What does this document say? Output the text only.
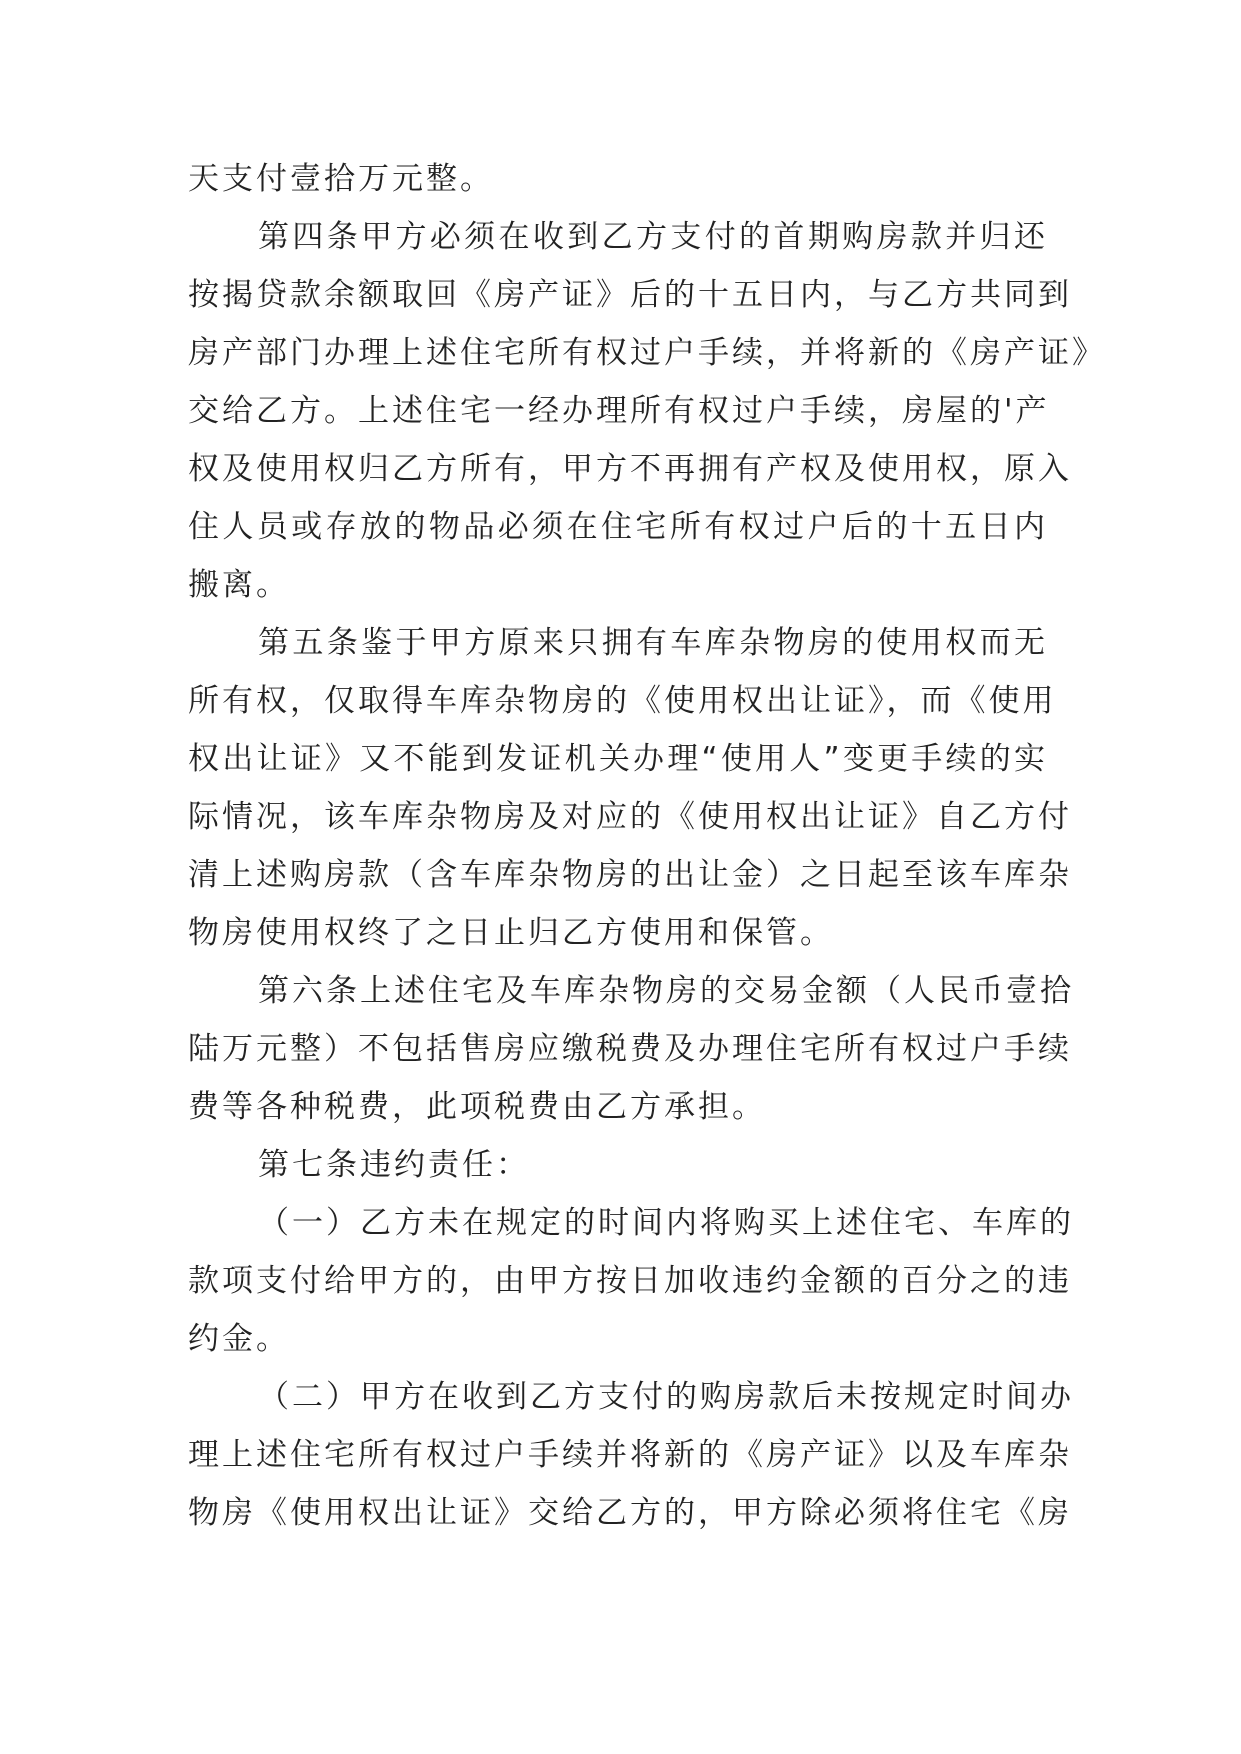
天支付壹拾万元整。
第四条甲方必须在收到乙方支付的首期购房款并归还
按揭贷款余额取回《房产证》后的十五日内，与乙方共同到
房产部门办理上述住宅所有权过户手续，并将新的《房产证》
交给乙方。上述住宅一经办理所有权过户手续，房屋的'产
权及使用权归乙方所有，甲方不再拥有产权及使用权，原入
住人员或存放的物品必须在住宅所有权过户后的十五日内
搬离。
第五条鉴于甲方原来只拥有车库杂物房的使用权而无
所有权，仅取得车库杂物房的《使用权出让证》，而《使用
权出让证》又不能到发证机关办理“使用人”变更手续的实
际情况，该车库杂物房及对应的《使用权出让证》自乙方付
清上述购房款（含车库杂物房的出让金）之日起至该车库杂
物房使用权终了之日止归乙方使用和保管。
第六条上述住宅及车库杂物房的交易金额（人民币壹拾
陆万元整）不包括售房应缴税费及办理住宅所有权过户手续
费等各种税费，此项税费由乙方承担。
第七条违约责任：
（一）乙方未在规定的时间内将购买上述住宅、车库的
款项支付给甲方的，由甲方按日加收违约金额的百分之的违
约金。
（二）甲方在收到乙方支付的购房款后未按规定时间办
理上述住宅所有权过户手续并将新的《房产证》以及车库杂
物房《使用权出让证》交给乙方的，甲方除必须将住宅《房
